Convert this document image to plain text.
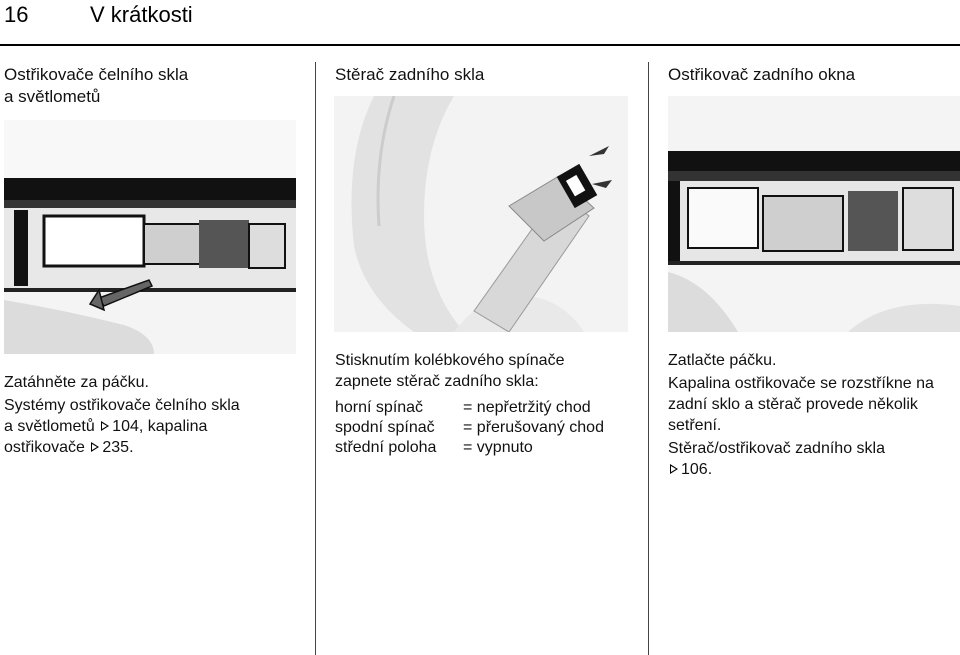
16	V krátkosti
Ostřikovače čelního skla
a světlometů

Zatáhněte za páčku.

Systémy ostřikovače čelního skla
a světlometů 104, kapalina
ostřikovače 235.

Stěrač zadního skla

Stisknutím kolébkového spínače

zapnete stěrač zadního skla:

horní spínač	= nepřetržitý chod
spodní spínač	= přerušovaný chod
střední poloha	= vypnuto
Ostřikovač zadního okna

Zatlačte páčku.

Kapalina ostřikovače se rozstříkne na
zadní sklo a stěrač provede několik
setření.

Stěrač/ostřikovač zadního skla
106.
